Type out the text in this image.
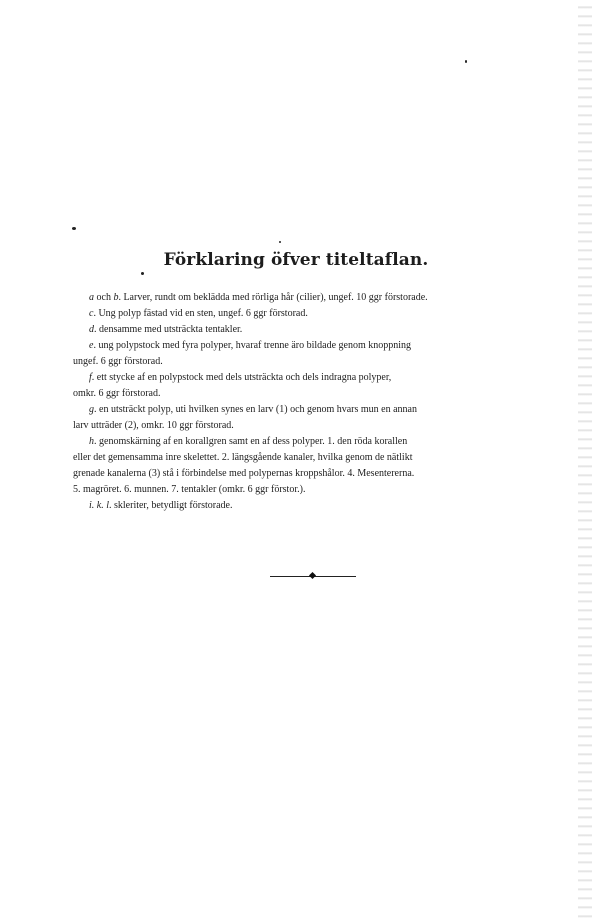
Förklaring öfver titeltaflan.
a och b. Larver, rundt om beklädda med rörliga hår (cilier), ungef. 10 ggr förstorade.
c. Ung polyp fästad vid en sten, ungef. 6 ggr förstorad.
d. densamme med utsträckta tentakler.
e. ung polypstock med fyra polyper, hvaraf trenne äro bildade genom knoppning
ungef. 6 ggr förstorad.
f. ett stycke af en polypstock med dels utsträckta och dels indragna polyper,
omkr. 6 ggr förstorad.
g. en utsträckt polyp, uti hvilken synes en larv (1) och genom hvars mun en annan
larv utträder (2), omkr. 10 ggr förstorad.
h. genomskärning af en korallgren samt en af dess polyper. 1. den röda korallen
eller det gemensamma inre skelettet. 2. längsgående kanaler, hvilka genom de nätlikt
grenade kanalerna (3) stå i förbindelse med polypernas kroppshålor. 4. Mesentererna.
5. magröret. 6. munnen. 7. tentakler (omkr. 6 ggr förstor.).
i. k. l. skleriter, betydligt förstorade.
